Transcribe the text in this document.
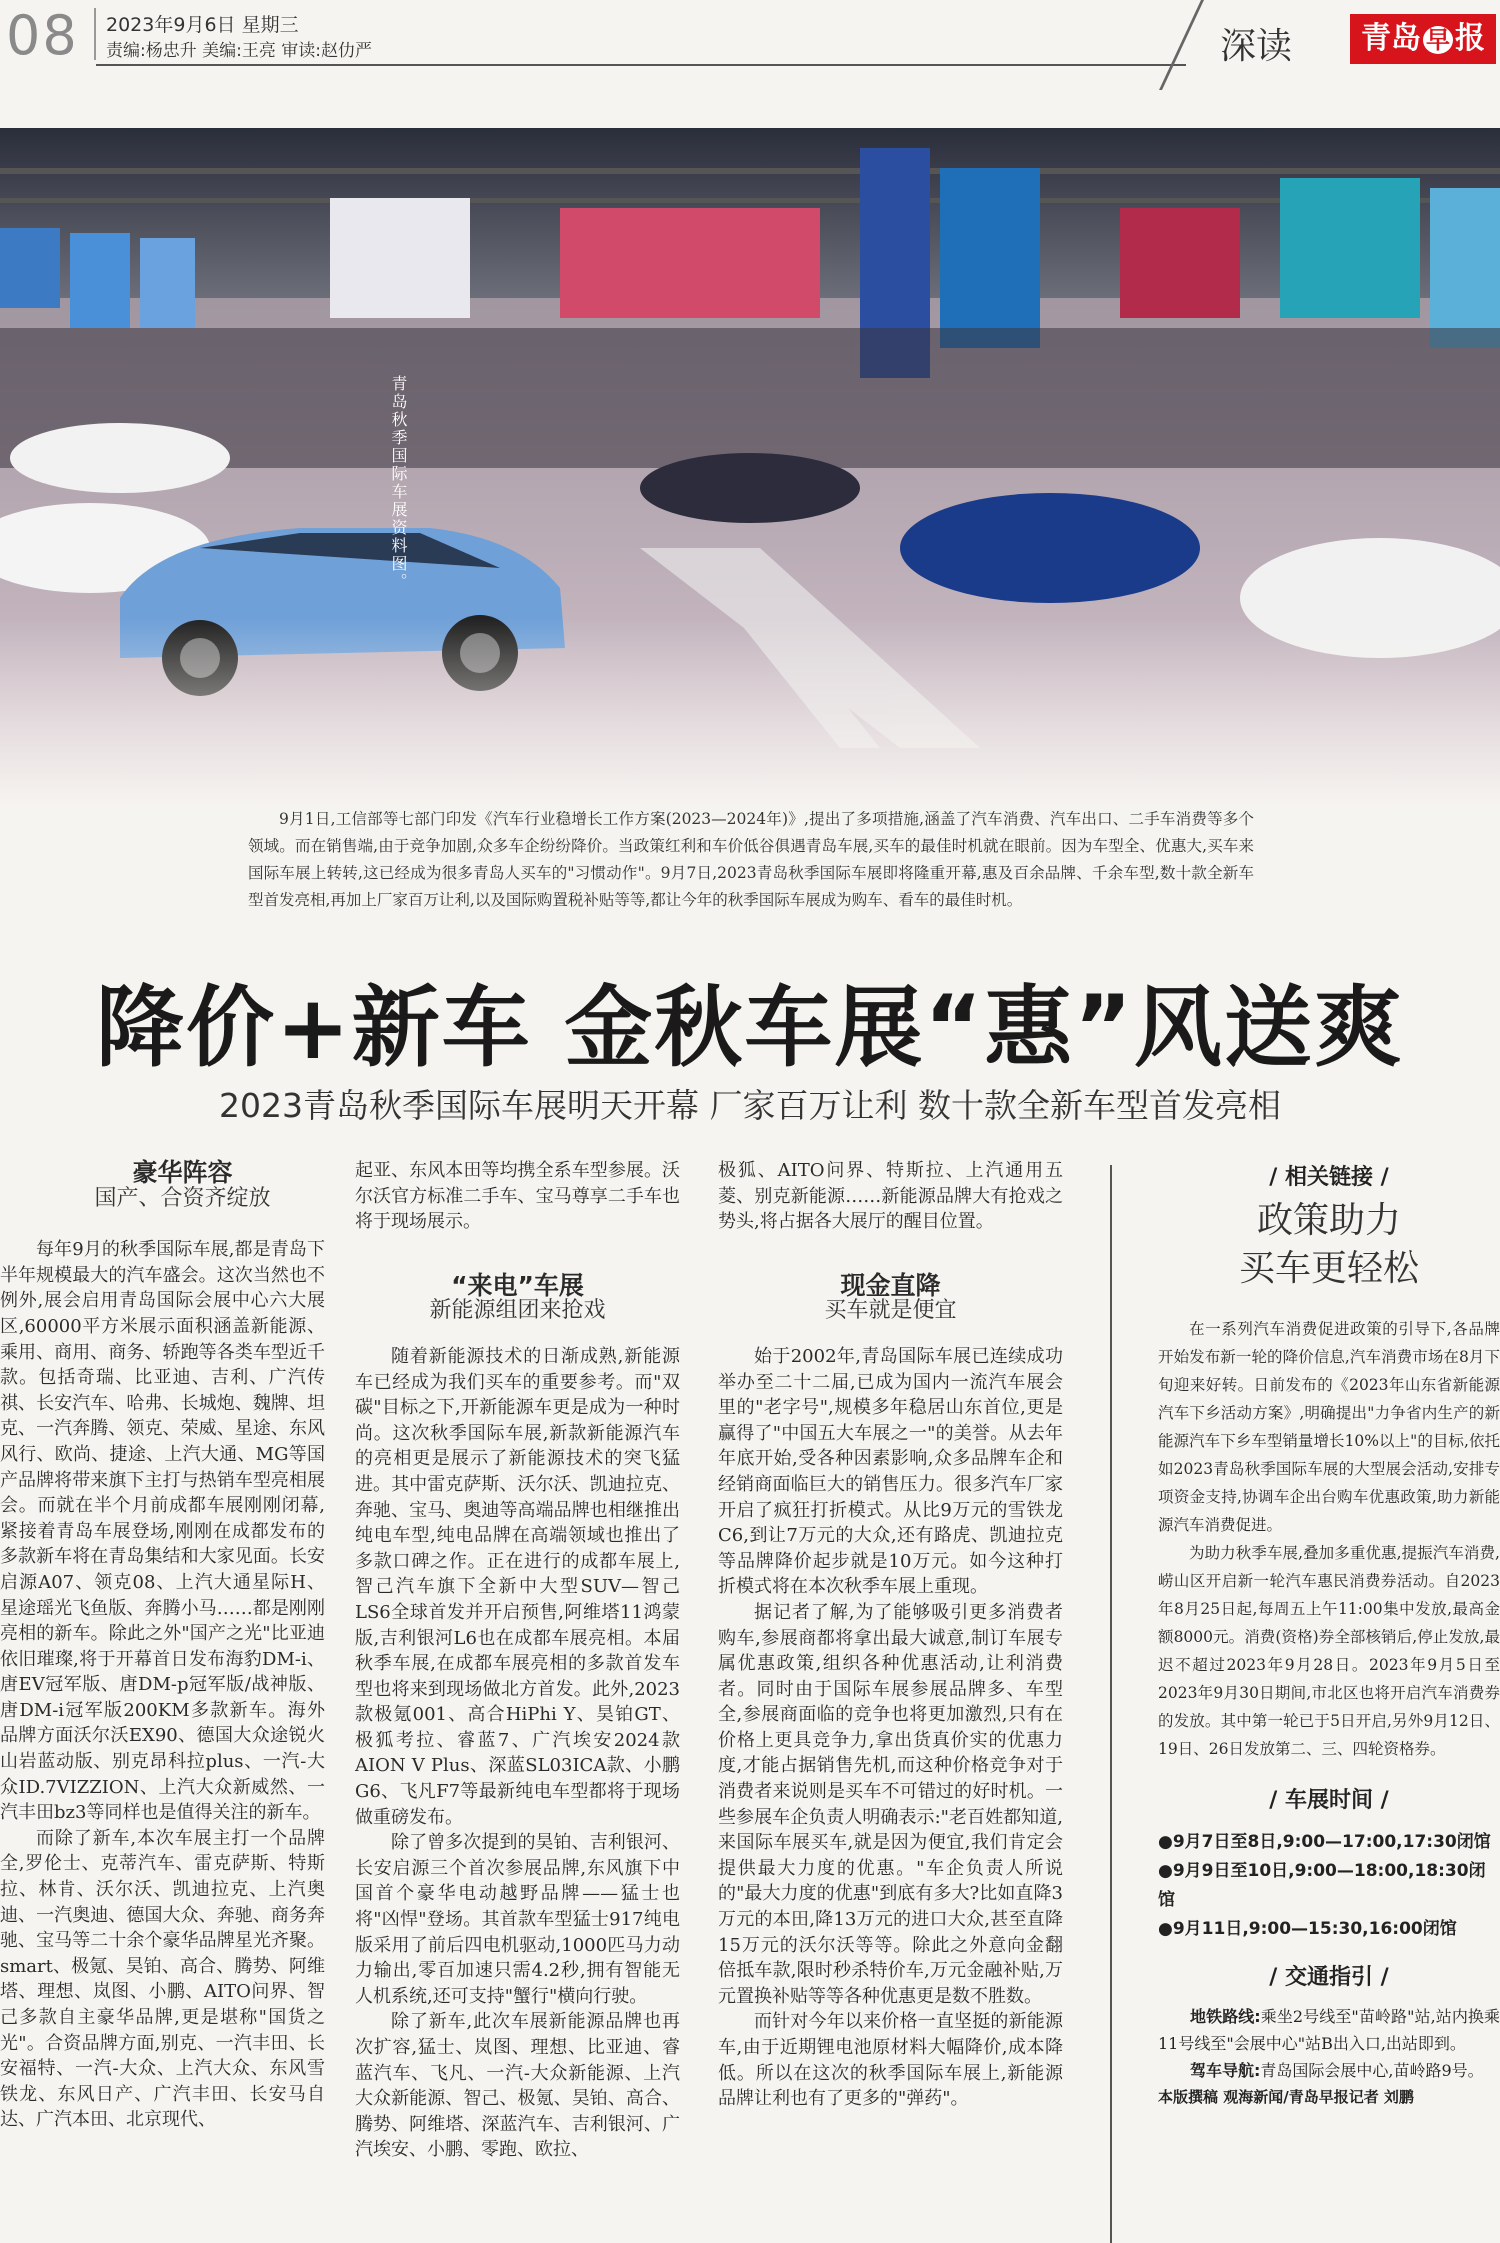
08 2023年9月6日 星期三
责编:杨忠升 美编:王亮 审读:赵仂严	深读	青岛 早 报
青岛秋季国际车展资料图。
9月1日,工信部等七部门印发《汽车行业稳增长工作方案(2023—2024年)》,提出了多项措施,涵盖了汽车消费、汽车出口、二手车消费等多个领域。而在销售端,由于竞争加剧,众多车企纷纷降价。当政策红利和车价低谷俱遇青岛车展,买车的最佳时机就在眼前。因为车型全、优惠大,买车来国际车展上转转,这已经成为很多青岛人买车的"习惯动作"。9月7日,2023青岛秋季国际车展即将隆重开幕,惠及百余品牌、千余车型,数十款全新车型首发亮相,再加上厂家百万让利,以及国际购置税补贴等等,都让今年的秋季国际车展成为购车、看车的最佳时机。
降价+新车 金秋车展“惠”风送爽
2023青岛秋季国际车展明天开幕 厂家百万让利 数十款全新车型首发亮相
豪华阵容
国产、合资齐绽放

每年9月的秋季国际车展,都是青岛下半年规模最大的汽车盛会。这次当然也不例外,展会启用青岛国际会展中心六大展区,60000平方米展示面积涵盖新能源、乘用、商用、商务、轿跑等各类车型近千款。包括奇瑞、比亚迪、吉利、广汽传祺、长安汽车、哈弗、长城炮、魏牌、坦克、一汽奔腾、领克、荣威、星途、东风风行、欧尚、捷途、上汽大通、MG等国产品牌将带来旗下主打与热销车型亮相展会。而就在半个月前成都车展刚刚闭幕,紧接着青岛车展登场,刚刚在成都发布的多款新车将在青岛集结和大家见面。长安启源A07、领克08、上汽大通星际H、星途瑶光飞鱼版、奔腾小马……都是刚刚亮相的新车。除此之外"国产之光"比亚迪依旧璀璨,将于开幕首日发布海豹DM-i、唐EV冠军版、唐DM-p冠军版/战神版、唐DM-i冠军版200KM多款新车。海外品牌方面沃尔沃EX90、德国大众途锐火山岩蓝动版、别克昂科拉plus、一汽-大众ID.7VIZZION、上汽大众新威然、一汽丰田bz3等同样也是值得关注的新车。

而除了新车,本次车展主打一个品牌全,罗伦士、克蒂汽车、雷克萨斯、特斯拉、林肯、沃尔沃、凯迪拉克、上汽奥迪、一汽奥迪、德国大众、奔驰、商务奔驰、宝马等二十余个豪华品牌星光齐聚。smart、极氪、昊铂、高合、腾势、阿维塔、理想、岚图、小鹏、AITO问界、智己多款自主豪华品牌,更是堪称"国货之光"。合资品牌方面,别克、一汽丰田、长安福特、一汽-大众、上汽大众、东风雪铁龙、东风日产、广汽丰田、长安马自达、广汽本田、北京现代、

起亚、东风本田等均携全系车型参展。沃尔沃官方标准二手车、宝马尊享二手车也将于现场展示。
“来电”车展
新能源组团来抢戏

随着新能源技术的日渐成熟,新能源车已经成为我们买车的重要参考。而"双碳"目标之下,开新能源车更是成为一种时尚。这次秋季国际车展,新款新能源汽车的亮相更是展示了新能源技术的突飞猛进。其中雷克萨斯、沃尔沃、凯迪拉克、奔驰、宝马、奥迪等高端品牌也相继推出纯电车型,纯电品牌在高端领域也推出了多款口碑之作。正在进行的成都车展上,智己汽车旗下全新中大型SUV—智己LS6全球首发并开启预售,阿维塔11鸿蒙版,吉利银河L6也在成都车展亮相。本届秋季车展,在成都车展亮相的多款首发车型也将来到现场做北方首发。此外,2023款极氪001、高合HiPhi Y、昊铂GT、极狐考拉、睿蓝7、广汽埃安2024款AION V Plus、深蓝SL03ICA款、小鹏G6、飞凡F7等最新纯电车型都将于现场做重磅发布。

除了曾多次提到的昊铂、吉利银河、长安启源三个首次参展品牌,东风旗下中国首个豪华电动越野品牌——猛士也将"凶悍"登场。其首款车型猛士917纯电版采用了前后四电机驱动,1000匹马力动力输出,零百加速只需4.2秒,拥有智能无人机系统,还可支持"蟹行"横向行驶。

除了新车,此次车展新能源品牌也再次扩容,猛士、岚图、理想、比亚迪、睿蓝汽车、飞凡、一汽-大众新能源、上汽大众新能源、智己、极氪、昊铂、高合、腾势、阿维塔、深蓝汽车、吉利银河、广汽埃安、小鹏、零跑、欧拉、

极狐、AITO问界、特斯拉、上汽通用五菱、别克新能源……新能源品牌大有抢戏之势头,将占据各大展厅的醒目位置。
现金直降
买车就是便宜

始于2002年,青岛国际车展已连续成功举办至二十二届,已成为国内一流汽车展会里的"老字号",规模多年稳居山东首位,更是赢得了"中国五大车展之一"的美誉。从去年年底开始,受各种因素影响,众多品牌车企和经销商面临巨大的销售压力。很多汽车厂家开启了疯狂打折模式。从比9万元的雪铁龙C6,到让7万元的大众,还有路虎、凯迪拉克等品牌降价起步就是10万元。如今这种打折模式将在本次秋季车展上重现。

据记者了解,为了能够吸引更多消费者购车,参展商都将拿出最大诚意,制订车展专属优惠政策,组织各种优惠活动,让利消费者。同时由于国际车展参展品牌多、车型全,参展商面临的竞争也将更加激烈,只有在价格上更具竞争力,拿出货真价实的优惠力度,才能占据销售先机,而这种价格竞争对于消费者来说则是买车不可错过的好时机。一些参展车企负责人明确表示:"老百姓都知道,来国际车展买车,就是因为便宜,我们肯定会提供最大力度的优惠。"车企负责人所说的"最大力度的优惠"到底有多大?比如直降3万元的本田,降13万元的进口大众,甚至直降15万元的沃尔沃等等。除此之外意向金翻倍抵车款,限时秒杀特价车,万元金融补贴,万元置换补贴等等各种优惠更是数不胜数。

而针对今年以来价格一直坚挺的新能源车,由于近期锂电池原材料大幅降价,成本降低。所以在这次的秋季国际车展上,新能源品牌让利也有了更多的"弹药"。

/ 相关链接 /
政策助力
买车更轻松

在一系列汽车消费促进政策的引导下,各品牌开始发布新一轮的降价信息,汽车消费市场在8月下旬迎来好转。日前发布的《2023年山东省新能源汽车下乡活动方案》,明确提出"力争省内生产的新能源汽车下乡车型销量增长10%以上"的目标,依托如2023青岛秋季国际车展的大型展会活动,安排专项资金支持,协调车企出台购车优惠政策,助力新能源汽车消费促进。

为助力秋季车展,叠加多重优惠,提振汽车消费,崂山区开启新一轮汽车惠民消费券活动。自2023年8月25日起,每周五上午11:00集中发放,最高金额8000元。消费(资格)券全部核销后,停止发放,最迟不超过2023年9月28日。2023年9月5日至2023年9月30日期间,市北区也将开启汽车消费券的发放。其中第一轮已于5日开启,另外9月12日、19日、26日发放第二、三、四轮资格券。

/ 车展时间 /
●9月7日至8日,9:00—17:00,17:30闭馆
●9月9日至10日,9:00—18:00,18:30闭馆
●9月11日,9:00—15:30,16:00闭馆
/ 交通指引 /
地铁路线:乘坐2号线至"苗岭路"站,站内换乘11号线至"会展中心"站B出入口,出站即到。
驾车导航:青岛国际会展中心,苗岭路9号。
本版撰稿 观海新闻/青岛早报记者 刘鹏
